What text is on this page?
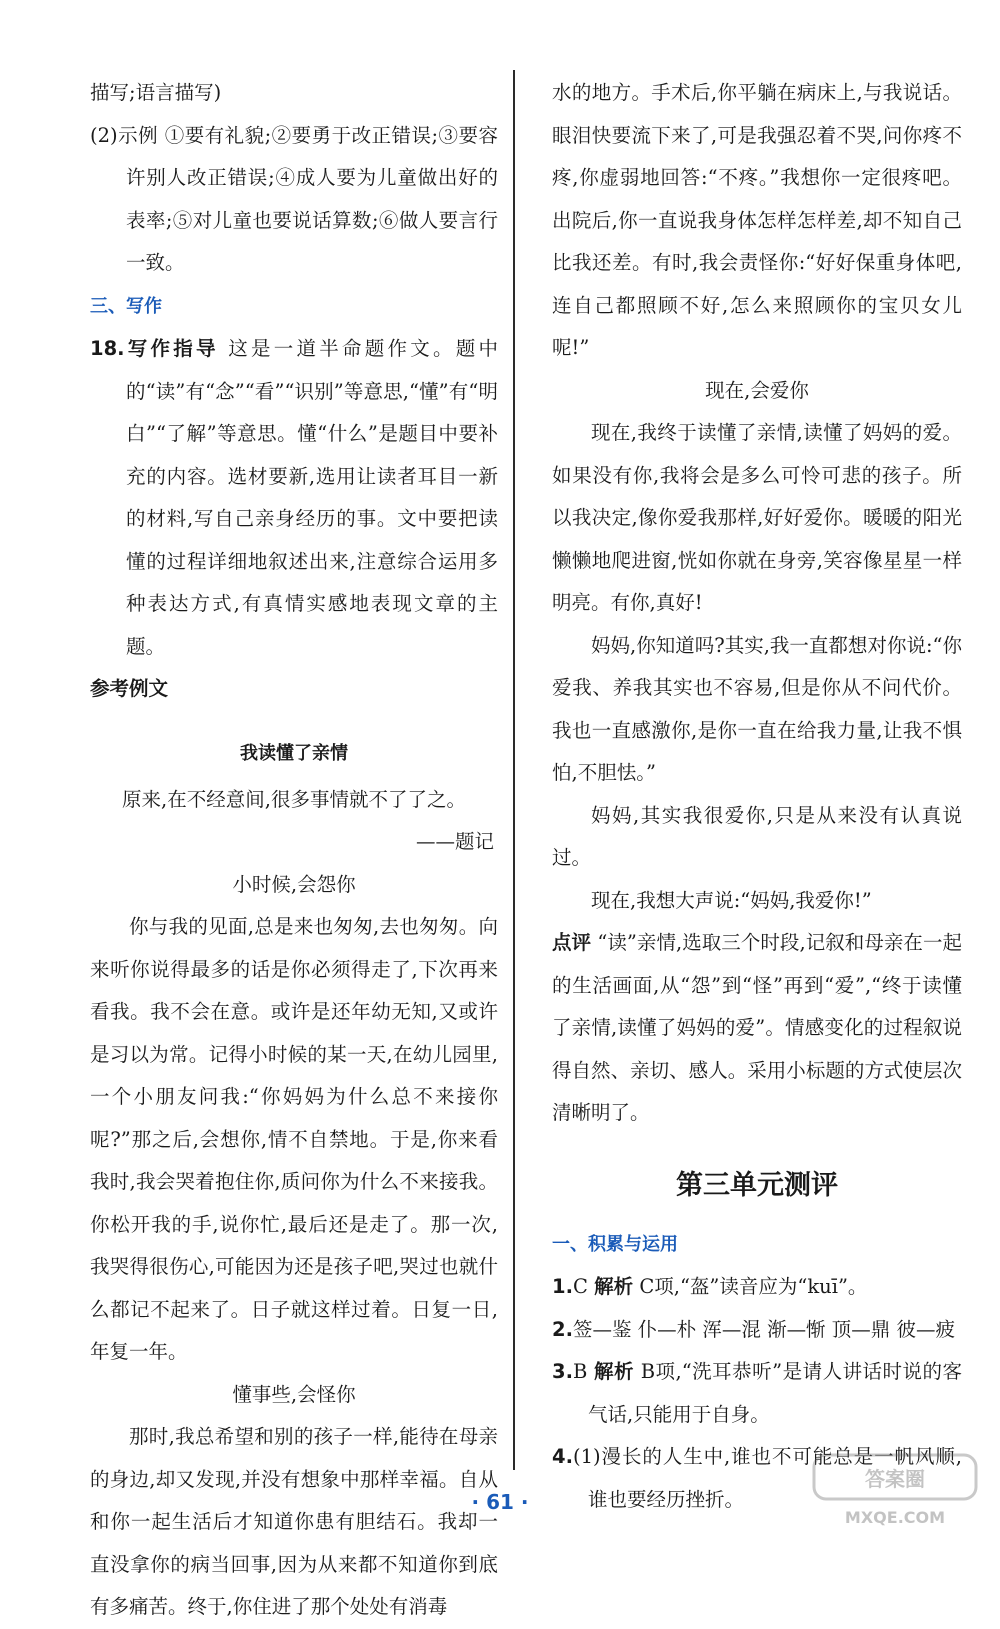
描写;语言描写)

(2)示例 ①要有礼貌;②要勇于改正错误;③要容许别人改正错误;④成人要为儿童做出好的表率;⑤对儿童也要说话算数;⑥做人要言行一致。

三、写作

18.写作指导 这是一道半命题作文。题中的“读”有“念”“看”“识别”等意思,“懂”有“明白”“了解”等意思。懂“什么”是题目中要补充的内容。选材要新,选用让读者耳目一新的材料,写自己亲身经历的事。文中要把读懂的过程详细地叙述出来,注意综合运用多种表达方式,有真情实感地表现文章的主题。

参考例文

我读懂了亲情

原来,在不经意间,很多事情就不了了之。

——题记

小时候,会怨你

你与我的见面,总是来也匆匆,去也匆匆。向来听你说得最多的话是你必须得走了,下次再来看我。我不会在意。或许是还年幼无知,又或许是习以为常。记得小时候的某一天,在幼儿园里,一个小朋友问我:“你妈妈为什么总不来接你呢?”那之后,会想你,情不自禁地。于是,你来看我时,我会哭着抱住你,质问你为什么不来接我。你松开我的手,说你忙,最后还是走了。那一次,我哭得很伤心,可能因为还是孩子吧,哭过也就什么都记不起来了。日子就这样过着。日复一日,年复一年。

懂事些,会怪你

那时,我总希望和别的孩子一样,能待在母亲的身边,却又发现,并没有想象中那样幸福。自从和你一起生活后才知道你患有胆结石。我却一直没拿你的病当回事,因为从来都不知道你到底有多痛苦。终于,你住进了那个处处有消毒

水的地方。手术后,你平躺在病床上,与我说话。眼泪快要流下来了,可是我强忍着不哭,问你疼不疼,你虚弱地回答:“不疼。”我想你一定很疼吧。出院后,你一直说我身体怎样怎样差,却不知自己比我还差。有时,我会责怪你:“好好保重身体吧,连自己都照顾不好,怎么来照顾你的宝贝女儿呢!”

现在,会爱你

现在,我终于读懂了亲情,读懂了妈妈的爱。如果没有你,我将会是多么可怜可悲的孩子。所以我决定,像你爱我那样,好好爱你。暖暖的阳光懒懒地爬进窗,恍如你就在身旁,笑容像星星一样明亮。有你,真好!

妈妈,你知道吗?其实,我一直都想对你说:“你爱我、养我其实也不容易,但是你从不问代价。我也一直感激你,是你一直在给我力量,让我不惧怕,不胆怯。”

妈妈,其实我很爱你,只是从来没有认真说过。

现在,我想大声说:“妈妈,我爱你!”

点评 “读”亲情,选取三个时段,记叙和母亲在一起的生活画面,从“怨”到“怪”再到“爱”,“终于读懂了亲情,读懂了妈妈的爱”。情感变化的过程叙说得自然、亲切、感人。采用小标题的方式使层次清晰明了。

第三单元测评

一、积累与运用

1.C 解析 C项,“盔”读音应为“kuī”。

2.签—鉴 仆—朴 浑—混 渐—惭 顶—鼎 彼—疲

3.B 解析 B项,“洗耳恭听”是请人讲话时说的客气话,只能用于自身。

4.(1)漫长的人生中,谁也不可能总是一帆风顺,谁也要经历挫折。

· 61 ·
答案圈
MXQE.COM
